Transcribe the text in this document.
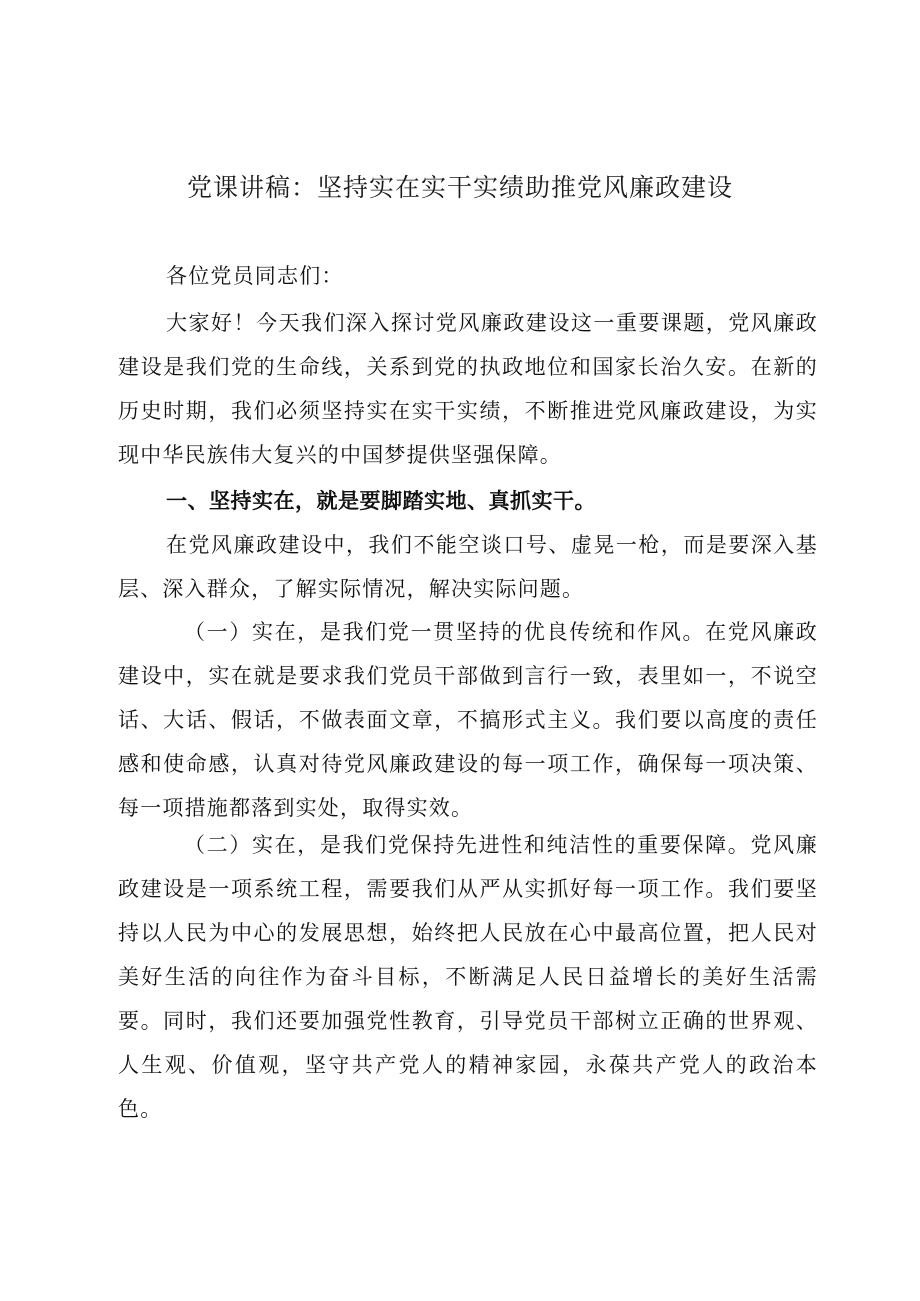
党课讲稿：坚持实在实干实绩助推党风廉政建设

各位党员同志们：

大家好！今天我们深入探讨党风廉政建设这一重要课题，党风廉政建设是我们党的生命线，关系到党的执政地位和国家长治久安。在新的历史时期，我们必须坚持实在实干实绩，不断推进党风廉政建设，为实现中华民族伟大复兴的中国梦提供坚强保障。

一、坚持实在，就是要脚踏实地、真抓实干。

在党风廉政建设中，我们不能空谈口号、虚晃一枪，而是要深入基层、深入群众，了解实际情况，解决实际问题。

（一）实在，是我们党一贯坚持的优良传统和作风。在党风廉政建设中，实在就是要求我们党员干部做到言行一致，表里如一，不说空话、大话、假话，不做表面文章，不搞形式主义。我们要以高度的责任感和使命感，认真对待党风廉政建设的每一项工作，确保每一项决策、每一项措施都落到实处，取得实效。

（二）实在，是我们党保持先进性和纯洁性的重要保障。党风廉政建设是一项系统工程，需要我们从严从实抓好每一项工作。我们要坚持以人民为中心的发展思想，始终把人民放在心中最高位置，把人民对美好生活的向往作为奋斗目标，不断满足人民日益增长的美好生活需要。同时，我们还要加强党性教育，引导党员干部树立正确的世界观、人生观、价值观，坚守共产党人的精神家园，永葆共产党人的政治本色。
